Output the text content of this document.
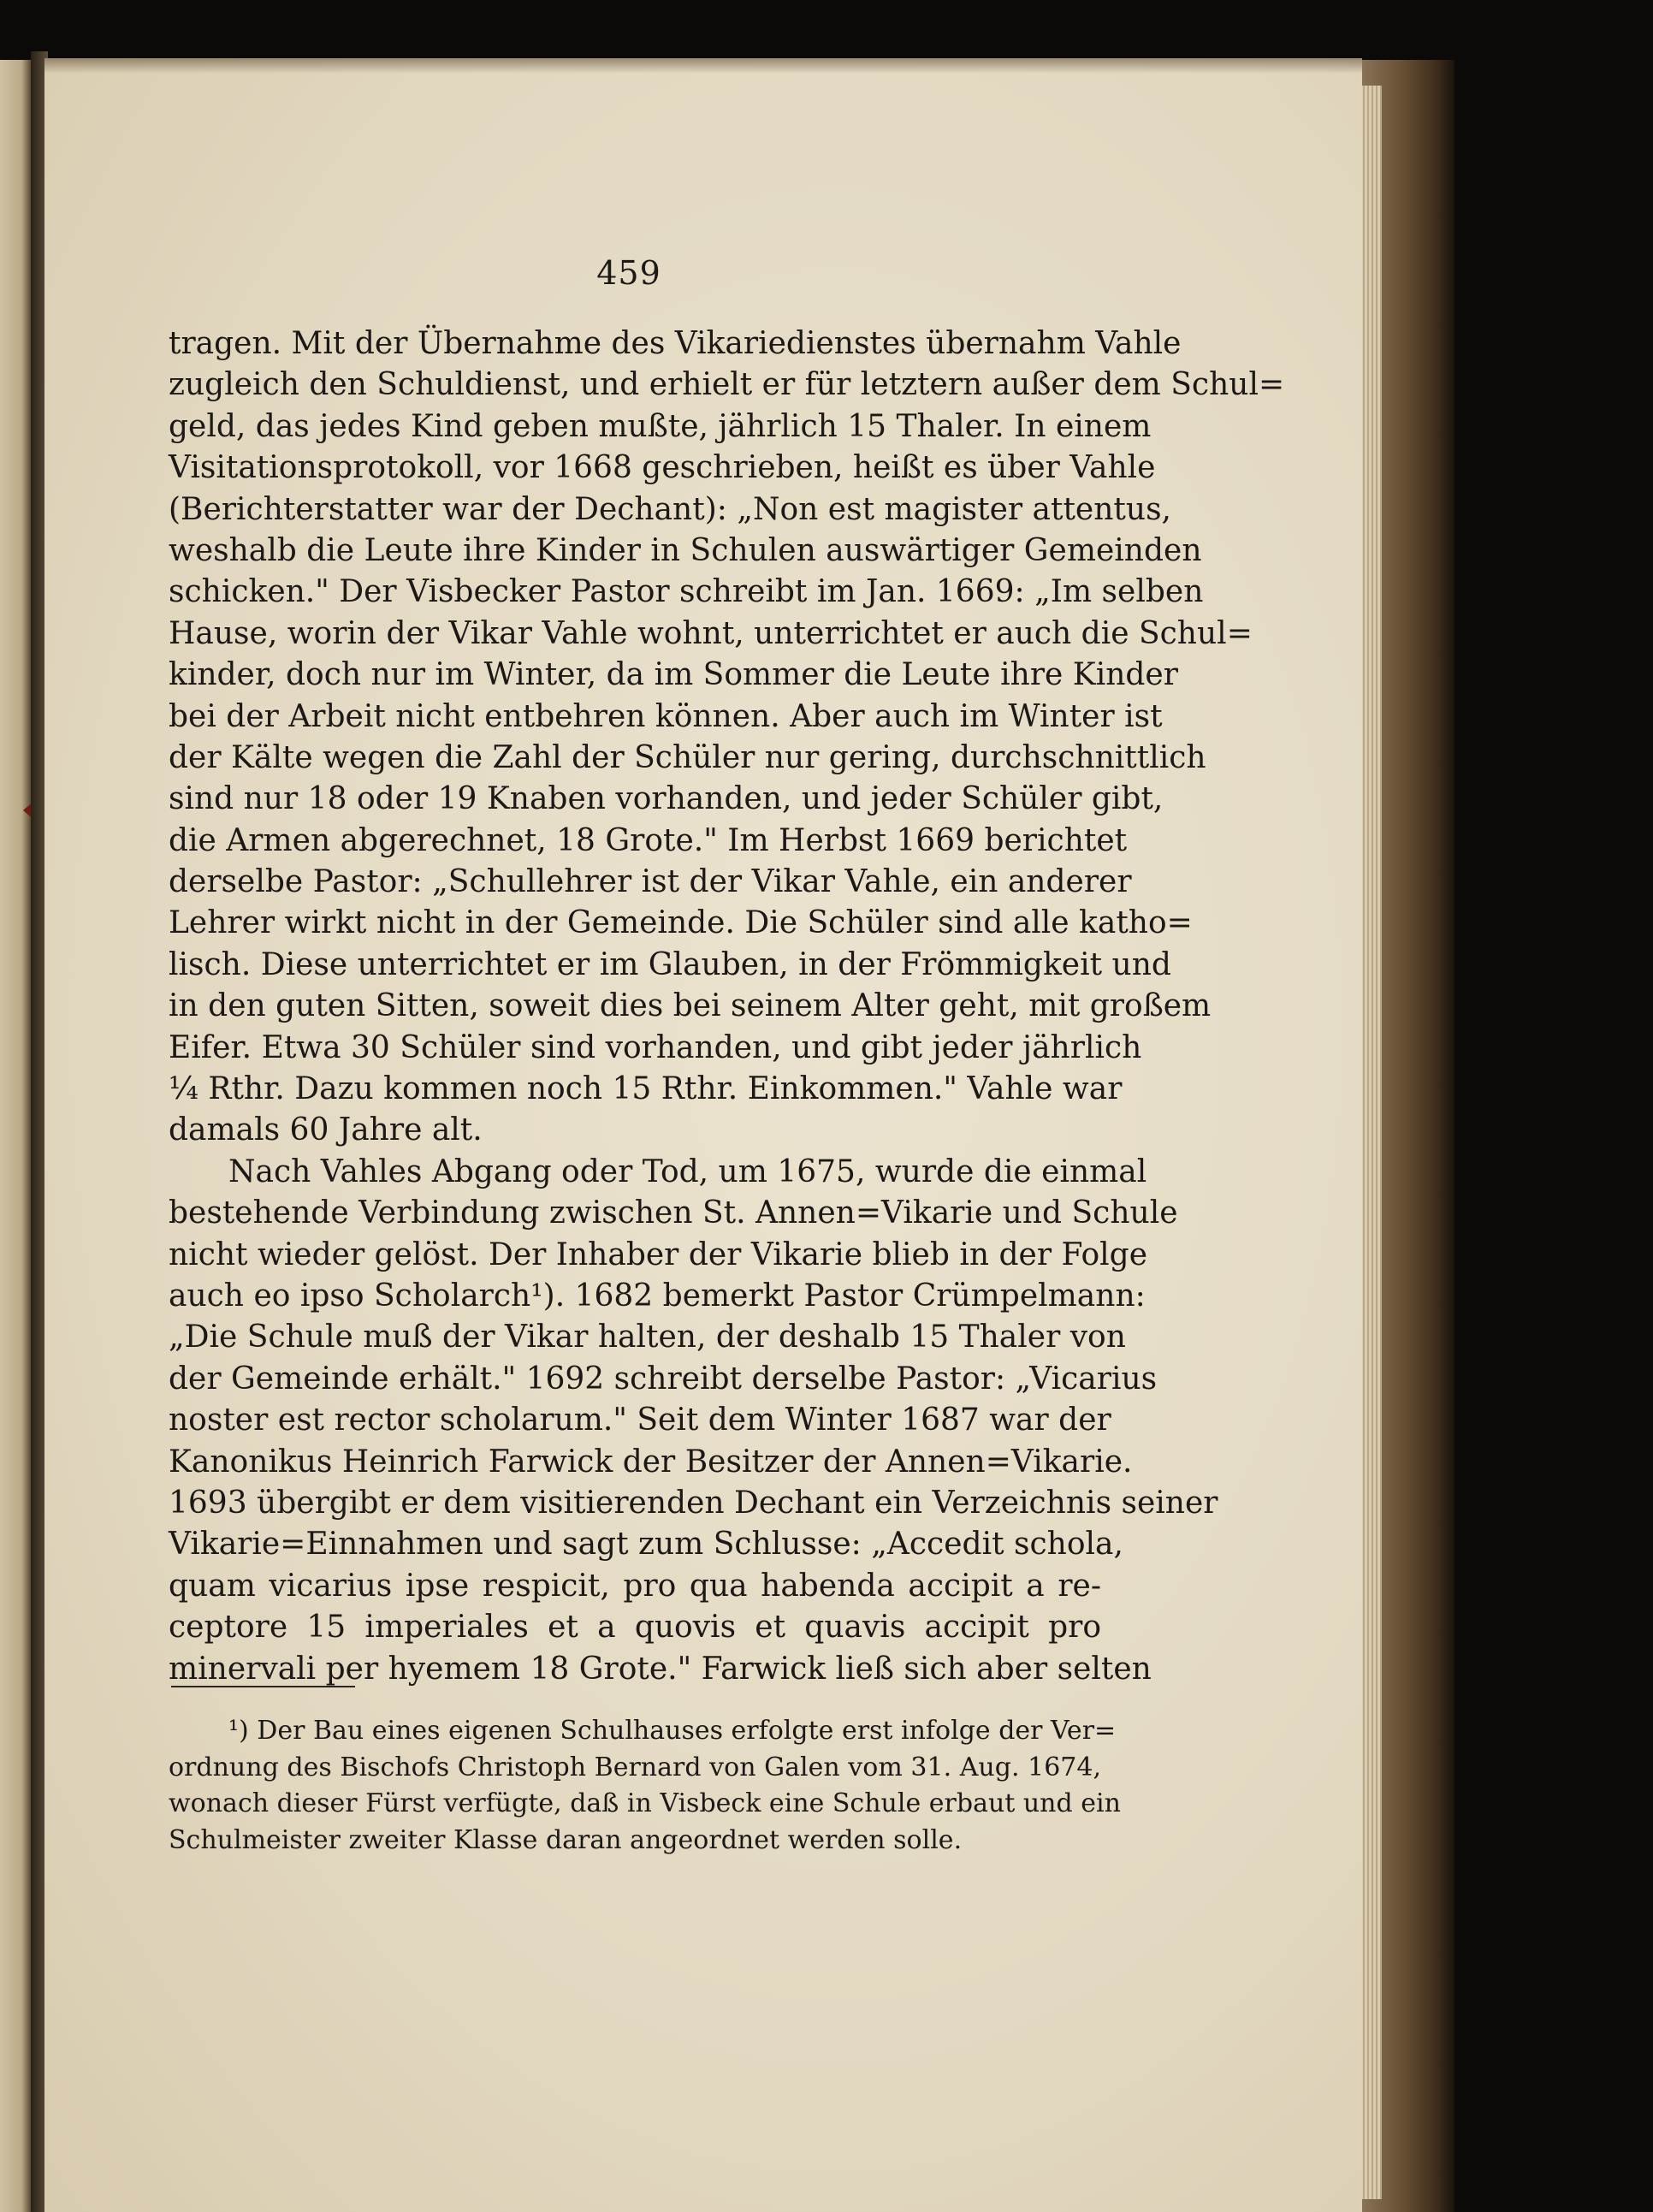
459
tragen. Mit der Übernahme des Vikariedienstes übernahm Vahle
zugleich den Schuldienst, und erhielt er für letztern außer dem Schul=
geld, das jedes Kind geben mußte, jährlich 15 Thaler. In einem
Visitationsprotokoll, vor 1668 geschrieben, heißt es über Vahle
(Berichterstatter war der Dechant): „Non est magister attentus,
weshalb die Leute ihre Kinder in Schulen auswärtiger Gemeinden
schicken." Der Visbecker Pastor schreibt im Jan. 1669: „Im selben
Hause, worin der Vikar Vahle wohnt, unterrichtet er auch die Schul=
kinder, doch nur im Winter, da im Sommer die Leute ihre Kinder
bei der Arbeit nicht entbehren können. Aber auch im Winter ist
der Kälte wegen die Zahl der Schüler nur gering, durchschnittlich
sind nur 18 oder 19 Knaben vorhanden, und jeder Schüler gibt,
die Armen abgerechnet, 18 Grote." Im Herbst 1669 berichtet
derselbe Pastor: „Schullehrer ist der Vikar Vahle, ein anderer
Lehrer wirkt nicht in der Gemeinde. Die Schüler sind alle katho=
lisch. Diese unterrichtet er im Glauben, in der Frömmigkeit und
in den guten Sitten, soweit dies bei seinem Alter geht, mit großem
Eifer. Etwa 30 Schüler sind vorhanden, und gibt jeder jährlich
¼ Rthr. Dazu kommen noch 15 Rthr. Einkommen." Vahle war
damals 60 Jahre alt.
Nach Vahles Abgang oder Tod, um 1675, wurde die einmal
bestehende Verbindung zwischen St. Annen=Vikarie und Schule
nicht wieder gelöst. Der Inhaber der Vikarie blieb in der Folge
auch eo ipso Scholarch¹). 1682 bemerkt Pastor Crümpelmann:
„Die Schule muß der Vikar halten, der deshalb 15 Thaler von
der Gemeinde erhält." 1692 schreibt derselbe Pastor: „Vicarius
noster est rector scholarum." Seit dem Winter 1687 war der
Kanonikus Heinrich Farwick der Besitzer der Annen=Vikarie.
1693 übergibt er dem visitierenden Dechant ein Verzeichnis seiner
Vikarie=Einnahmen und sagt zum Schlusse: „Accedit schola,
quam vicarius ipse respicit, pro qua habenda accipit a re-
ceptore 15 imperiales et a quovis et quavis accipit pro
minervali per hyemem 18 Grote." Farwick ließ sich aber selten
¹) Der Bau eines eigenen Schulhauses erfolgte erst infolge der Ver=
ordnung des Bischofs Christoph Bernard von Galen vom 31. Aug. 1674,
wonach dieser Fürst verfügte, daß in Visbeck eine Schule erbaut und ein
Schulmeister zweiter Klasse daran angeordnet werden solle.
